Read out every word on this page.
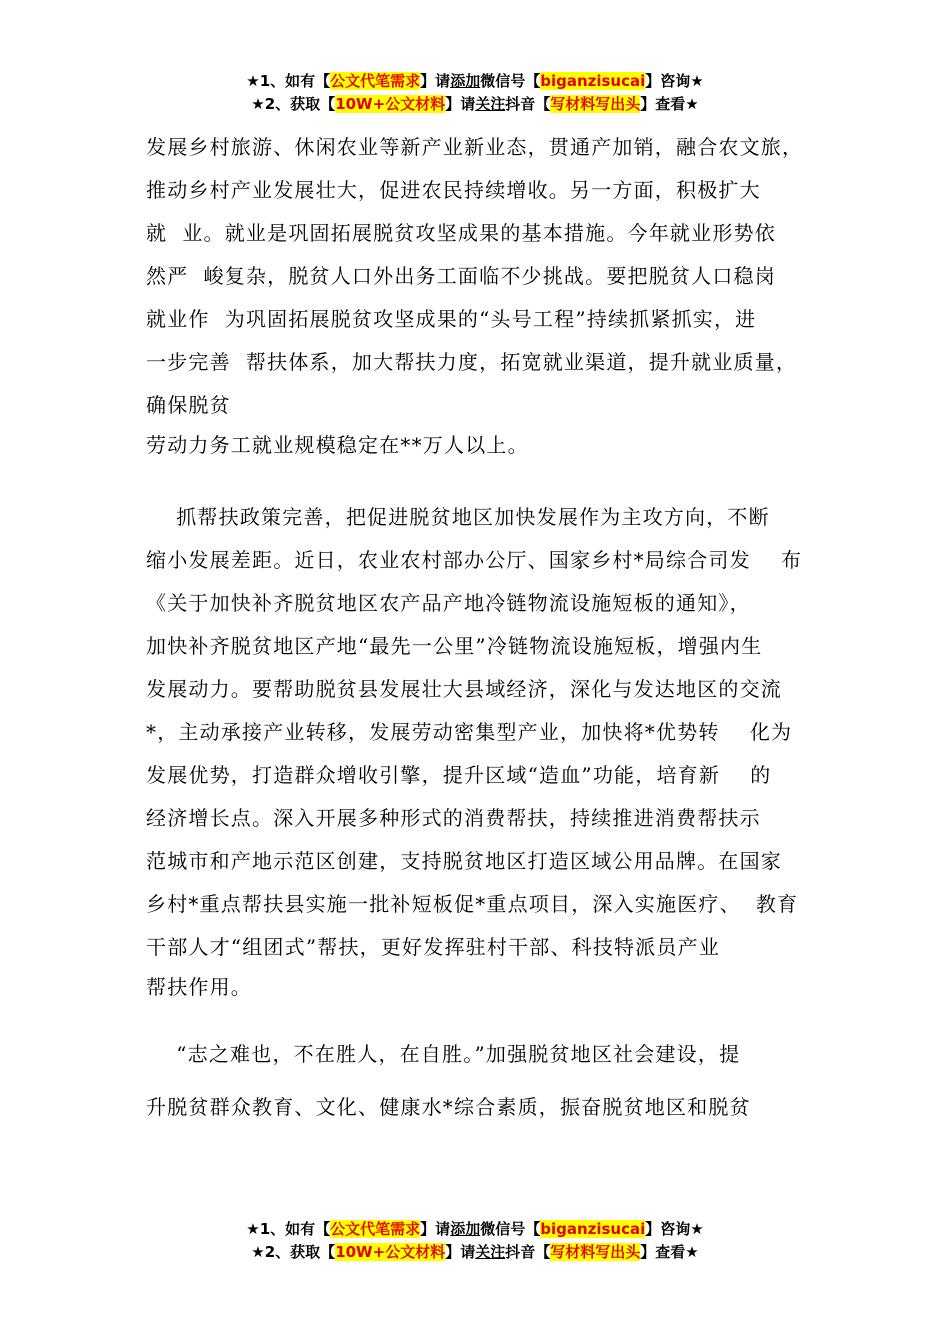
★1、如有【公文代笔需求】请添加微信号【biganzisucai】咨询★
★2、获取【10W+公文材料】请关注抖音【写材料写出头】查看★
发展乡村旅游、休闲农业等新产业新业态，贯通产加销，融合农文旅，
推动乡村产业发展壮大，促进农民持续增收。另一方面，积极扩大
就  业。就业是巩固拓展脱贫攻坚成果的基本措施。今年就业形势依
然严  峻复杂，脱贫人口外出务工面临不少挑战。要把脱贫人口稳岗
就业作  为巩固拓展脱贫攻坚成果的“头号工程”持续抓紧抓实，进
一步完善  帮扶体系，加大帮扶力度，拓宽就业渠道，提升就业质量，
确保脱贫
劳动力务工就业规模稳定在**万人以上。
抓帮扶政策完善，把促进脱贫地区加快发展作为主攻方向，不断
缩小发展差距。近日，农业农村部办公厅、国家乡村*局综合司发    布
《关于加快补齐脱贫地区农产品产地冷链物流设施短板的通知》，
加快补齐脱贫地区产地“最先一公里”冷链物流设施短板，增强内生
发展动力。要帮助脱贫县发展壮大县域经济，深化与发达地区的交流
*，主动承接产业转移，发展劳动密集型产业，加快将*优势转    化为
发展优势，打造群众增收引擎，提升区域“造血”功能，培育新    的
经济增长点。深入开展多种形式的消费帮扶，持续推进消费帮扶示
范城市和产地示范区创建，支持脱贫地区打造区域公用品牌。在国家
乡村*重点帮扶县实施一批补短板促*重点项目，深入实施医疗、  教育
干部人才“组团式”帮扶，更好发挥驻村干部、科技特派员产业
帮扶作用。
“志之难也，不在胜人，在自胜。”加强脱贫地区社会建设，提
升脱贫群众教育、文化、健康水*综合素质，振奋脱贫地区和脱贫
★1、如有【公文代笔需求】请添加微信号【biganzisucai】咨询★
★2、获取【10W+公文材料】请关注抖音【写材料写出头】查看★
